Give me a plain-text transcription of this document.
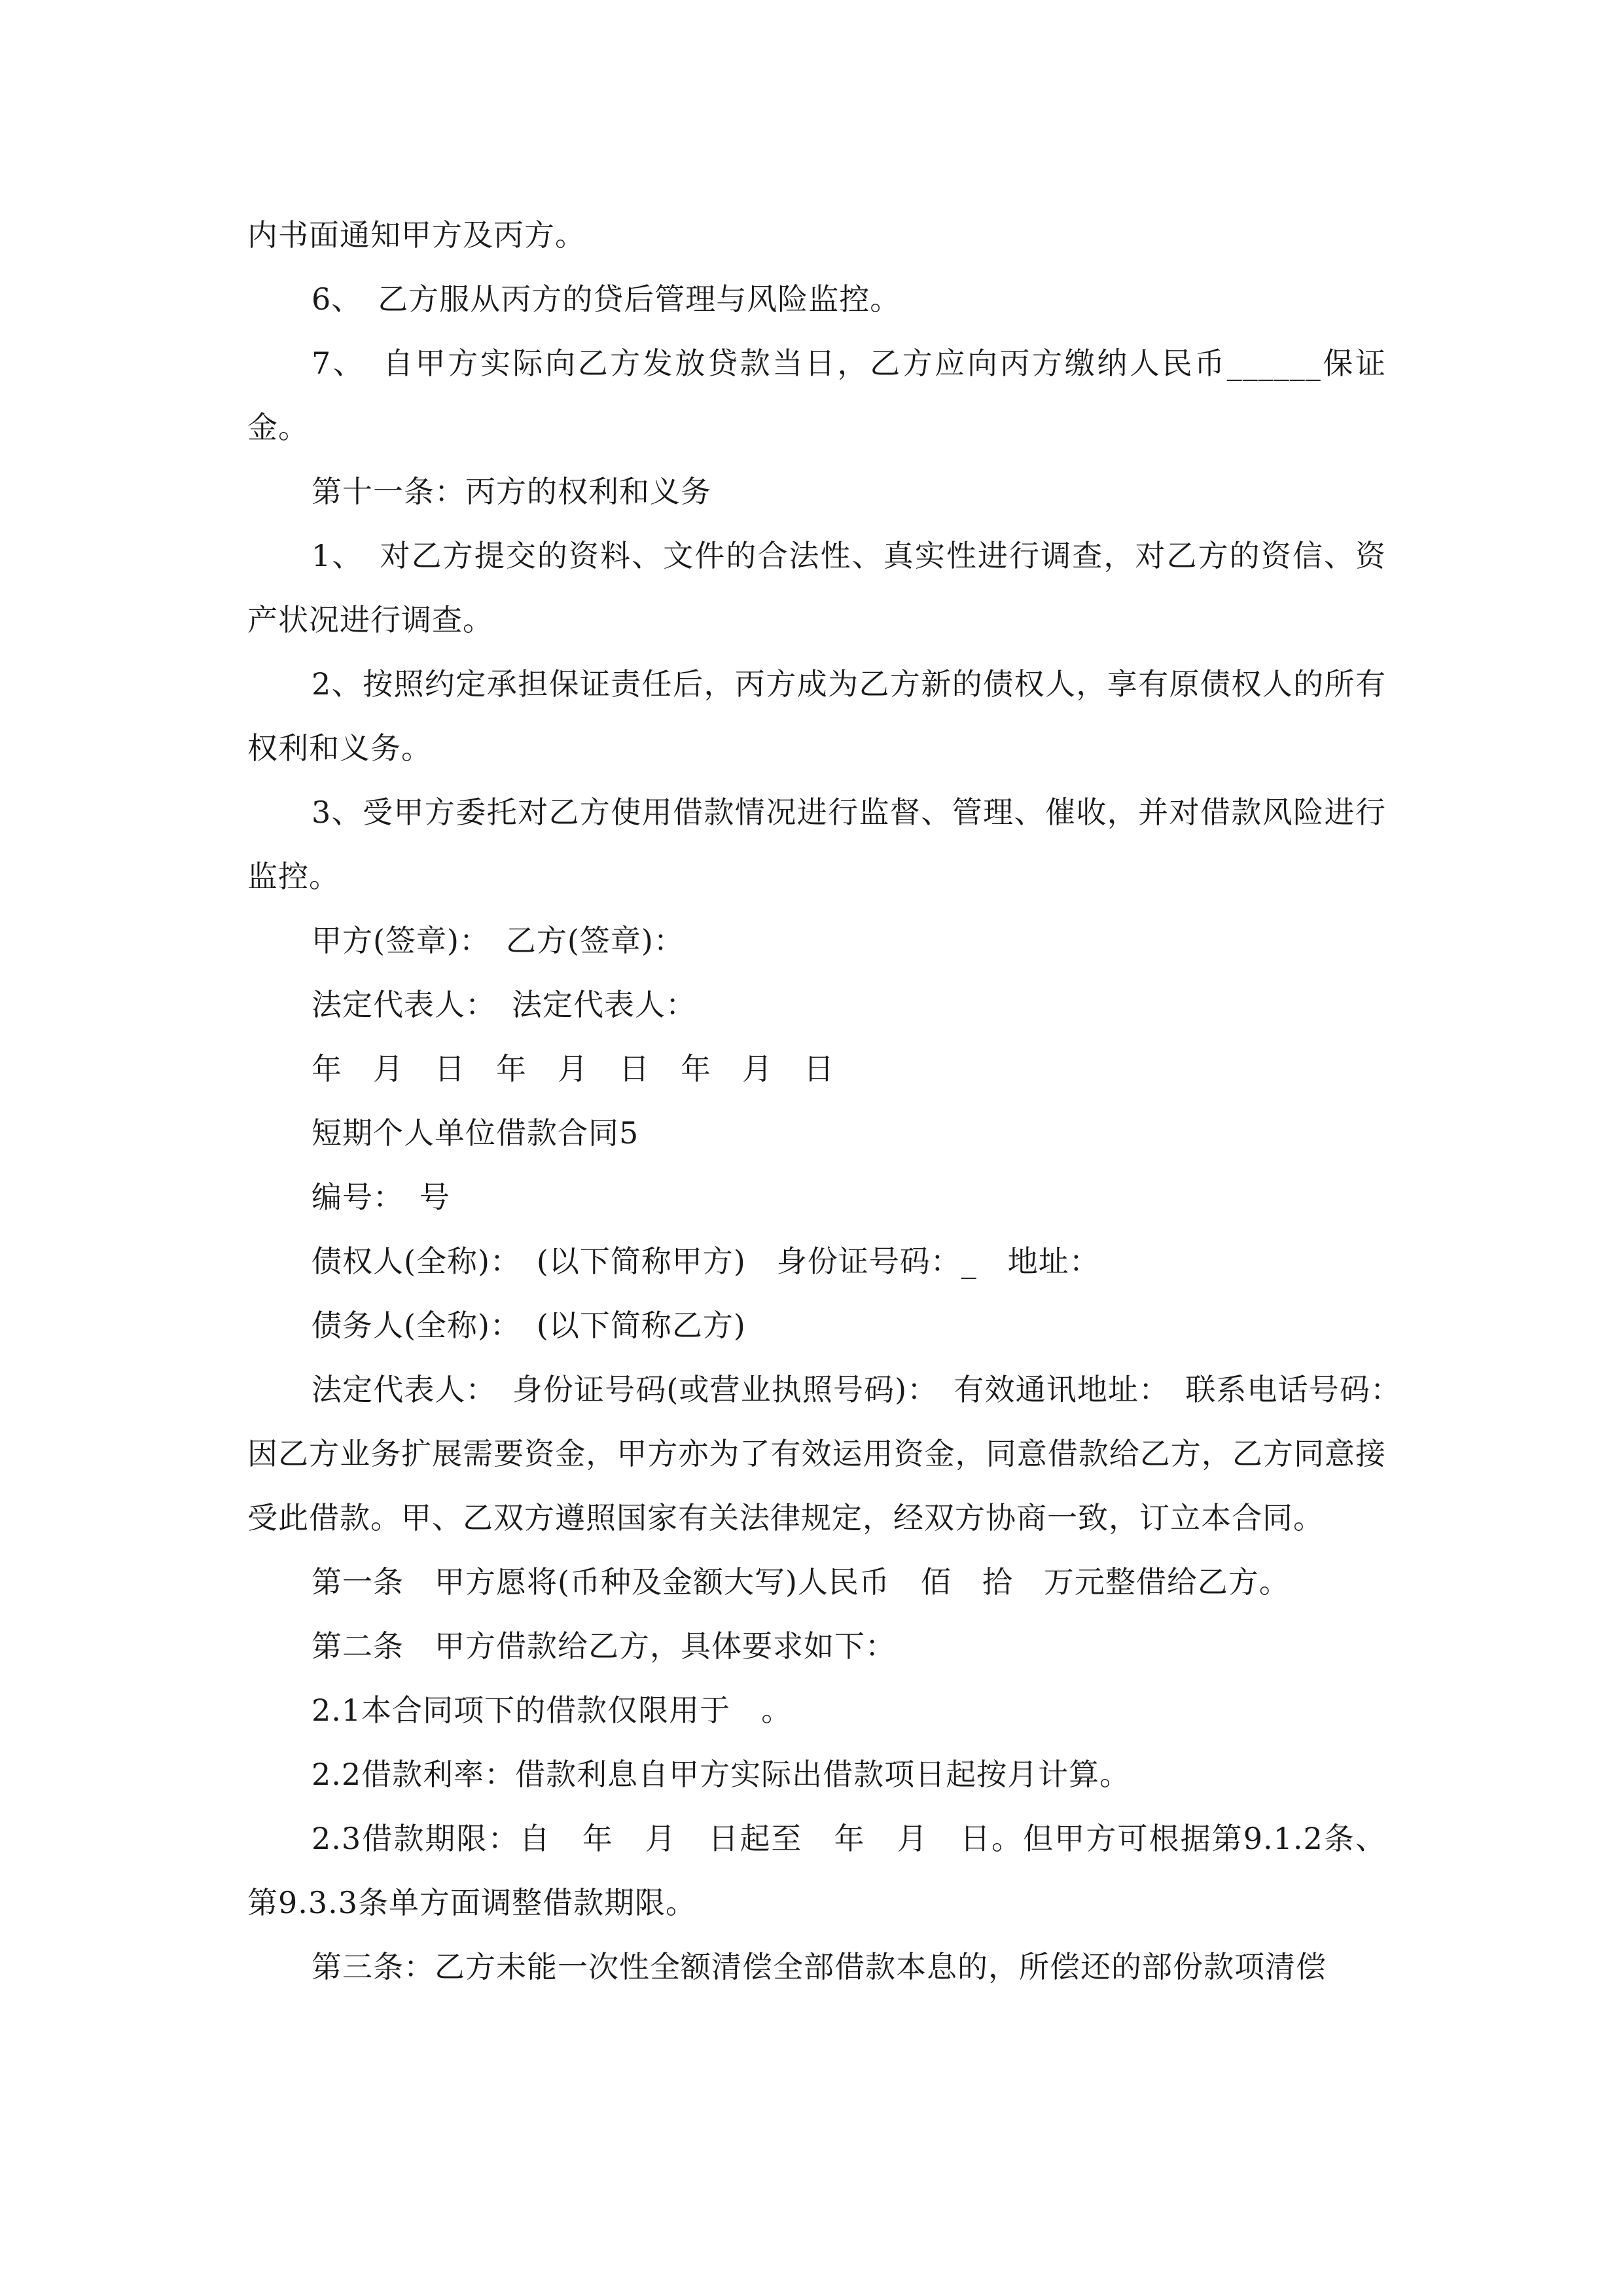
内书面通知甲方及丙方。

6、　乙方服从丙方的贷后管理与风险监控。

7、　自甲方实际向乙方发放贷款当日，乙方应向丙方缴纳人民币______保证金。

第十一条：丙方的权利和义务

1、　对乙方提交的资料、文件的合法性、真实性进行调查，对乙方的资信、资产状况进行调查。

2、按照约定承担保证责任后，丙方成为乙方新的债权人，享有原债权人的所有权利和义务。

3、受甲方委托对乙方使用借款情况进行监督、管理、催收，并对借款风险进行监控。

甲方(签章)：　乙方(签章)：

法定代表人：　法定代表人：

年　月　日　年　月　日　年　月　日

短期个人单位借款合同5

编号：　号

债权人(全称)：　(以下简称甲方)　身份证号码：_　地址：

债务人(全称)：　(以下简称乙方)

法定代表人：　身份证号码(或营业执照号码)：　有效通讯地址：　联系电话号码：　因乙方业务扩展需要资金，甲方亦为了有效运用资金，同意借款给乙方，乙方同意接受此借款。甲、乙双方遵照国家有关法律规定，经双方协商一致，订立本合同。

第一条　甲方愿将(币种及金额大写)人民币　佰　拾　万元整借给乙方。

第二条　甲方借款给乙方，具体要求如下：

2.1本合同项下的借款仅限用于　。

2.2借款利率：借款利息自甲方实际出借款项日起按月计算。

2.3借款期限：自　年　月　日起至　年　月　日。但甲方可根据第9.1.2条、第9.3.3条单方面调整借款期限。

第三条：乙方未能一次性全额清偿全部借款本息的，所偿还的部份款项清偿
